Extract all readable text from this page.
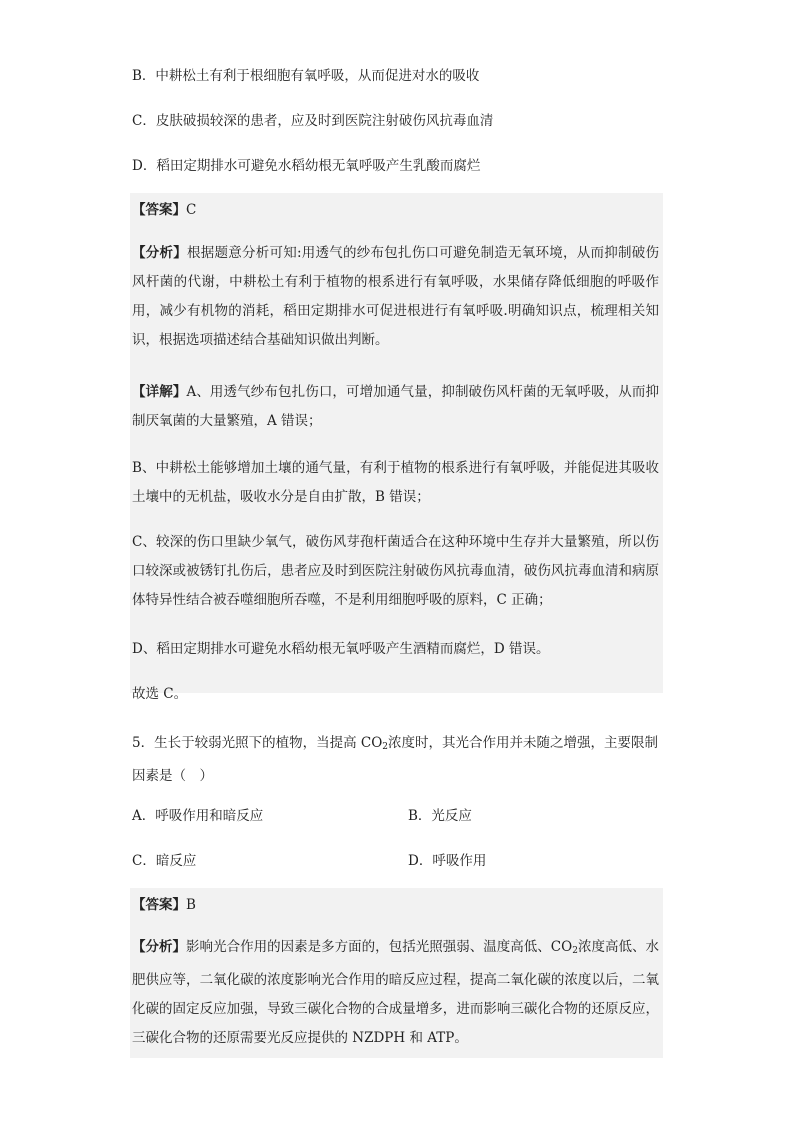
B．中耕松土有利于根细胞有氧呼吸，从而促进对水的吸收
C．皮肤破损较深的患者，应及时到医院注射破伤风抗毒血清
D．稻田定期排水可避免水稻幼根无氧呼吸产生乳酸而腐烂
【答案】C
【分析】根据题意分析可知:用透气的纱布包扎伤口可避免制造无氧环境，从而抑制破伤风杆菌的代谢，中耕松土有利于植物的根系进行有氧呼吸，水果储存降低细胞的呼吸作用，减少有机物的消耗，稻田定期排水可促进根进行有氧呼吸.明确知识点，梳理相关知识，根据选项描述结合基础知识做出判断。
【详解】A、用透气纱布包扎伤口，可增加通气量，抑制破伤风杆菌的无氧呼吸，从而抑制厌氧菌的大量繁殖，A 错误；
B、中耕松土能够增加土壤的通气量，有利于植物的根系进行有氧呼吸，并能促进其吸收土壤中的无机盐，吸收水分是自由扩散，B 错误；
C、较深的伤口里缺少氧气，破伤风芽孢杆菌适合在这种环境中生存并大量繁殖，所以伤口较深或被锈钉扎伤后，患者应及时到医院注射破伤风抗毒血清，破伤风抗毒血清和病原体特异性结合被吞噬细胞所吞噬，不是利用细胞呼吸的原料，C 正确；
D、稻田定期排水可避免水稻幼根无氧呼吸产生酒精而腐烂，D 错误。
故选 C。
5．生长于较弱光照下的植物，当提高 $CO_2$浓度时，其光合作用并未随之增强，主要限制因素是（　）
A．呼吸作用和暗反应	B．光反应
C．暗反应	D．呼吸作用
【答案】B
【分析】影响光合作用的因素是多方面的，包括光照强弱、温度高低、$CO_2$浓度高低、水肥供应等，二氧化碳的浓度影响光合作用的暗反应过程，提高二氧化碳的浓度以后，二氧化碳的固定反应加强，导致三碳化合物的合成量增多，进而影响三碳化合物的还原反应，三碳化合物的还原需要光反应提供的 NZDPH 和 ATP。
